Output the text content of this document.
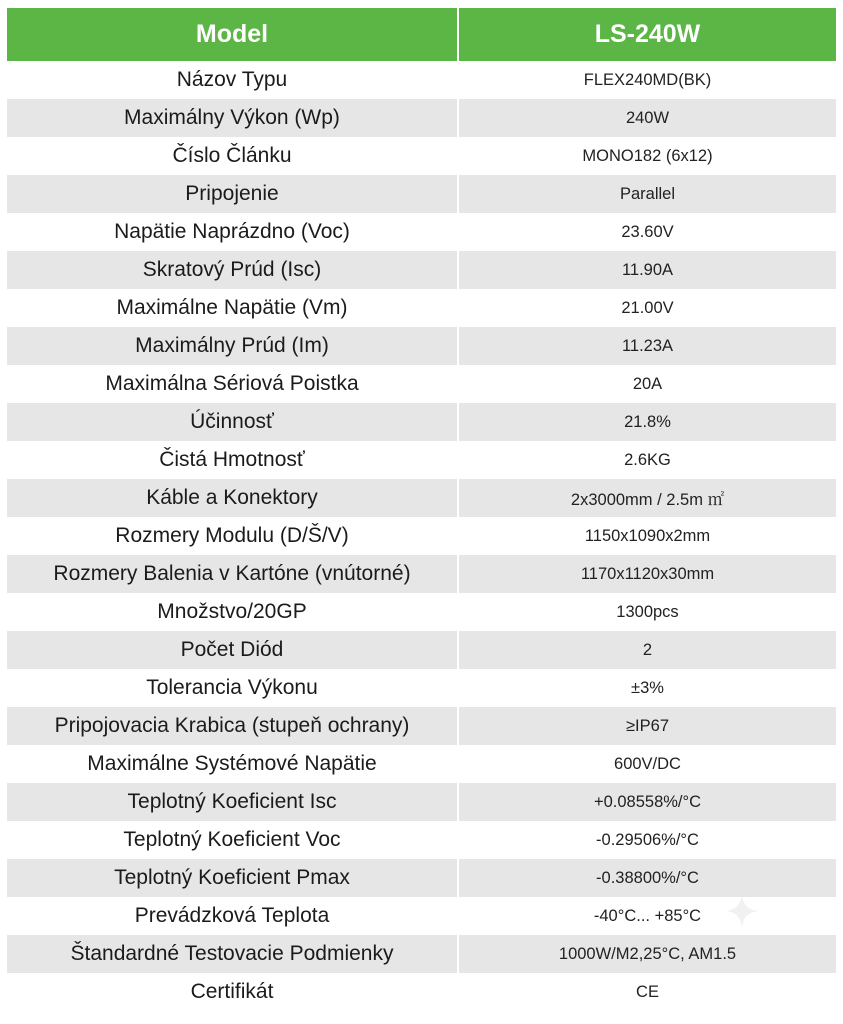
Model	LS-240W
Názov Typu	FLEX240MD(BK)
Maximálny Výkon (Wp)	240W
Číslo Článku	MONO182 (6x12)
Pripojenie	Parallel
Napätie Naprázdno (Voc)	23.60V
Skratový Prúd (Isc)	11.90A
Maximálne Napätie (Vm)	21.00V
Maximálny Prúd (Im)	11.23A
Maximálna Sériová Poistka	20A
Účinnosť	21.8%
Čistá Hmotnosť	2.6KG
Káble a Konektory	2x3000mm / 2.5m ㎡
Rozmery Modulu (D/Š/V)	1150x1090x2mm
Rozmery Balenia v Kartóne (vnútorné)	1170x1120x30mm
Množstvo/20GP	1300pcs
Počet Diód	2
Tolerancia Výkonu	±3%
Pripojovacia Krabica (stupeň ochrany)	≥IP67
Maximálne Systémové Napätie	600V/DC
Teplotný Koeficient Isc	+0.08558%/°C
Teplotný Koeficient Voc	-0.29506%/°C
Teplotný Koeficient Pmax	-0.38800%/°C
Prevádzková Teplota	-40°C... +85°C
Štandardné Testovacie Podmienky	1000W/M2,25°C, AM1.5
Certifikát	CE
